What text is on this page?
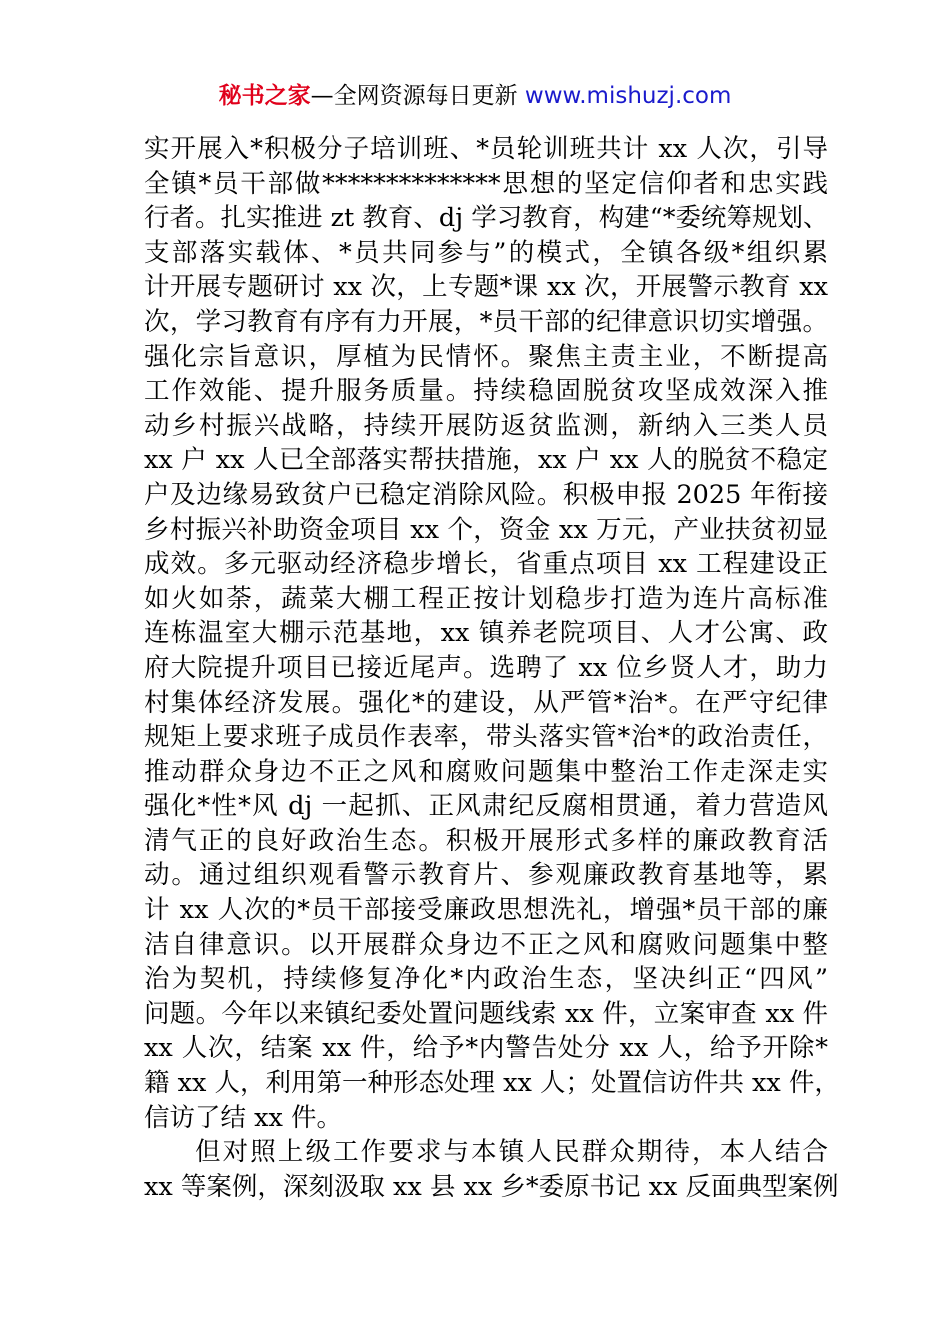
秘书之家—全网资源每日更新 www.mishuzj.com
实开展入*积极分子培训班、*员轮训班共计 xx 人次，引导
全镇*员干部做**************思想的坚定信仰者和忠实践
行者。扎实推进 zt 教育、dj 学习教育，构建“*委统筹规划、
支部落实载体、*员共同参与”的模式，全镇各级*组织累
计开展专题研讨 xx 次，上专题*课 xx 次，开展警示教育 xx
次，学习教育有序有力开展，*员干部的纪律意识切实增强。
强化宗旨意识，厚植为民情怀。聚焦主责主业，不断提高
工作效能、提升服务质量。持续稳固脱贫攻坚成效深入推
动乡村振兴战略，持续开展防返贫监测，新纳入三类人员
xx 户 xx 人已全部落实帮扶措施，xx 户 xx 人的脱贫不稳定
户及边缘易致贫户已稳定消除风险。积极申报 2025 年衔接
乡村振兴补助资金项目 xx 个，资金 xx 万元，产业扶贫初显
成效。多元驱动经济稳步增长，省重点项目 xx 工程建设正
如火如荼，蔬菜大棚工程正按计划稳步打造为连片高标准
连栋温室大棚示范基地，xx 镇养老院项目、人才公寓、政
府大院提升项目已接近尾声。选聘了 xx 位乡贤人才，助力
村集体经济发展。强化*的建设，从严管*治*。在严守纪律
规矩上要求班子成员作表率，带头落实管*治*的政治责任，
推动群众身边不正之风和腐败问题集中整治工作走深走实
强化*性*风 dj 一起抓、正风肃纪反腐相贯通，着力营造风
清气正的良好政治生态。积极开展形式多样的廉政教育活
动。通过组织观看警示教育片、参观廉政教育基地等，累
计 xx 人次的*员干部接受廉政思想洗礼，增强*员干部的廉
洁自律意识。以开展群众身边不正之风和腐败问题集中整
治为契机，持续修复净化*内政治生态，坚决纠正“四风”
问题。今年以来镇纪委处置问题线索 xx 件，立案审查 xx 件
xx 人次，结案 xx 件，给予*内警告处分 xx 人，给予开除*
籍 xx 人，利用第一种形态处理 xx 人；处置信访件共 xx 件，
信访了结 xx 件。
但对照上级工作要求与本镇人民群众期待，本人结合
xx 等案例，深刻汲取 xx 县 xx 乡*委原书记 xx 反面典型案例
